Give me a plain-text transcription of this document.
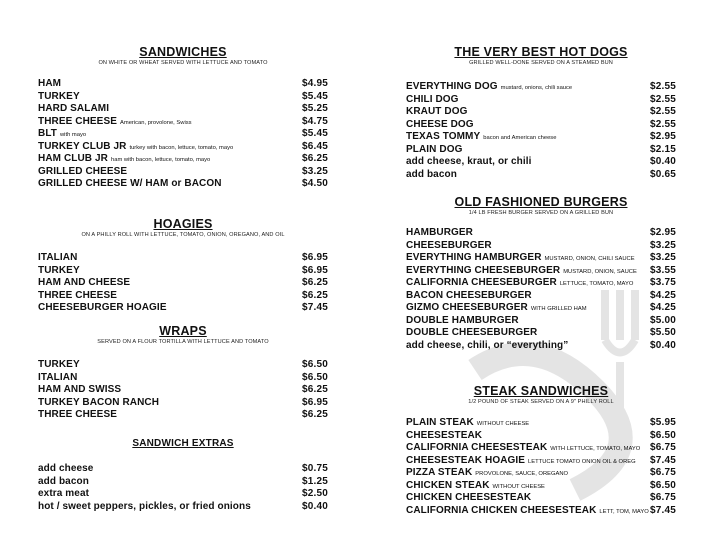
SANDWICHES
ON WHITE OR WHEAT SERVED WITH LETTUCE AND TOMATO
HAM	$4.95
TURKEY	$5.45
HARD SALAMI	$5.25
THREE CHEESE American, provolone, Swiss	$4.75
BLT with mayo	$5.45
TURKEY CLUB JR turkey with bacon, lettuce, tomato, mayo	$6.45
HAM CLUB JR ham with bacon, lettuce, tomato, mayo	$6.25
GRILLED CHEESE	$3.25
GRILLED CHEESE W/ HAM or BACON	$4.50
HOAGIES
ON A PHILLY ROLL WITH LETTUCE, TOMATO, ONION, OREGANO, AND OIL
ITALIAN	$6.95
TURKEY	$6.95
HAM AND CHEESE	$6.25
THREE CHEESE	$6.25
CHEESEBURGER HOAGIE	$7.45
WRAPS
SERVED ON A FLOUR TORTILLA WITH LETTUCE AND TOMATO
TURKEY	$6.50
ITALIAN	$6.50
HAM AND SWISS	$6.25
TURKEY BACON RANCH	$6.95
THREE CHEESE	$6.25
SANDWICH EXTRAS
add cheese	$0.75
add bacon	$1.25
extra meat	$2.50
hot / sweet peppers, pickles, or fried onions	$0.40
THE VERY BEST HOT DOGS
GRILLED WELL-DONE SERVED ON A STEAMED BUN
EVERYTHING DOG mustard, onions, chili sauce	$2.55
CHILI DOG	$2.55
KRAUT DOG	$2.55
CHEESE DOG	$2.55
TEXAS TOMMY bacon and American cheese	$2.95
PLAIN DOG	$2.15
add cheese, kraut, or chili	$0.40
add bacon	$0.65
OLD FASHIONED BURGERS
1/4 LB FRESH BURGER SERVED ON A GRILLED BUN
HAMBURGER	$2.95
CHEESEBURGER	$3.25
EVERYTHING HAMBURGER MUSTARD, ONION, CHILI SAUCE $3.25
EVERYTHING CHEESEBURGER MUSTARD, ONION, SAUCE $3.55
CALIFORNIA CHEESEBURGER LETTUCE, TOMATO, MAYO $3.75
BACON CHEESEBURGER	$4.25
GIZMO CHEESEBURGER WITH GRILLED HAM	$4.25
DOUBLE HAMBURGER	$5.00
DOUBLE CHEESEBURGER	$5.50
add cheese, chili, or “everything”	$0.40
STEAK SANDWICHES
1/2 POUND OF STEAK SERVED ON A 9" PHILLY ROLL
PLAIN STEAK WITHOUT CHEESE	$5.95
CHEESESTEAK	$6.50
CALIFORNIA CHEESESTEAK WITH LETTUCE, TOMATO, MAYO $6.75
CHEESESTEAK HOAGIE LETTUCE TOMATO ONION OIL & OREG $7.45
PIZZA STEAK PROVOLONE, SAUCE, OREGANO	$6.75
CHICKEN STEAK WITHOUT CHEESE	$6.50
CHICKEN CHEESESTEAK	$6.75
CALIFORNIA CHICKEN CHEESESTEAK LETT, TOM, MAYO $7.45
